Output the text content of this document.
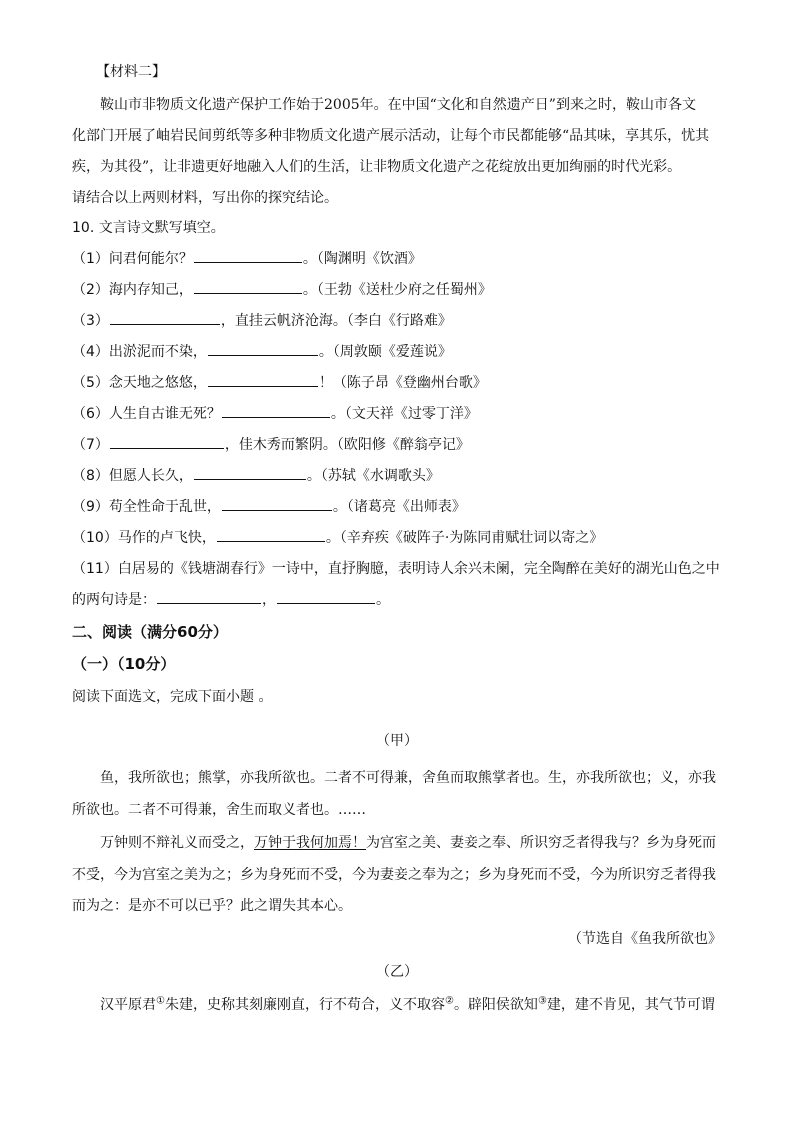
【材料二】

鞍山市非物质文化遗产保护工作始于2005年。在中国“文化和自然遗产日”到来之时，鞍山市各文

化部门开展了岫岩民间剪纸等多种非物质文化遗产展示活动，让每个市民都能够“品其味，享其乐，忧其

疾，为其役”，让非遗更好地融入人们的生活，让非物质文化遗产之花绽放出更加绚丽的时代光彩。

请结合以上两则材料，写出你的探究结论。

10. 文言诗文默写填空。

（1）问君何能尔？	。（陶渊明《饮酒》

（2）海内存知己，	。（王勃《送杜少府之任蜀州》

（3）	，直挂云帆济沧海。（李白《行路难》

（4）出淤泥而不染，	。（周敦颐《爱莲说》

（5）念天地之悠悠，	！（陈子昂《登幽州台歌》

（6）人生自古谁无死？	。（文天祥《过零丁洋》

（7）	，佳木秀而繁阴。（欧阳修《醉翁亭记》

（8）但愿人长久，	。（苏轼《水调歌头》

（9）苟全性命于乱世，	。（诸葛亮《出师表》

（10）马作的卢飞快，	。（辛弃疾《破阵子·为陈同甫赋壮词以寄之》

（11）白居易的《钱塘湖春行》一诗中，直抒胸臆，表明诗人余兴未阑，完全陶醉在美好的湖光山色之中

的两句诗是：	，	。

二、阅读（满分60分）

（一）（10分）

阅读下面选文，完成下面小题 。

（甲）

鱼，我所欲也；熊掌，亦我所欲也。二者不可得兼，舍鱼而取熊掌者也。生，亦我所欲也；义，亦我

所欲也。二者不可得兼，舍生而取义者也。……

万钟则不辩礼义而受之，万钟于我何加焉！为宫室之美、妻妾之奉、所识穷乏者得我与？乡为身死而

不受，今为宫室之美为之；乡为身死而不受，今为妻妾之奉为之；乡为身死而不受，今为所识穷乏者得我

而为之：是亦不可以已乎？此之谓失其本心。

（节选自《鱼我所欲也》

（乙）

汉平原君①朱建，史称其刻廉刚直，行不苟合，义不取容②。辟阳侯欲知③建，建不肯见，其气节可谓
